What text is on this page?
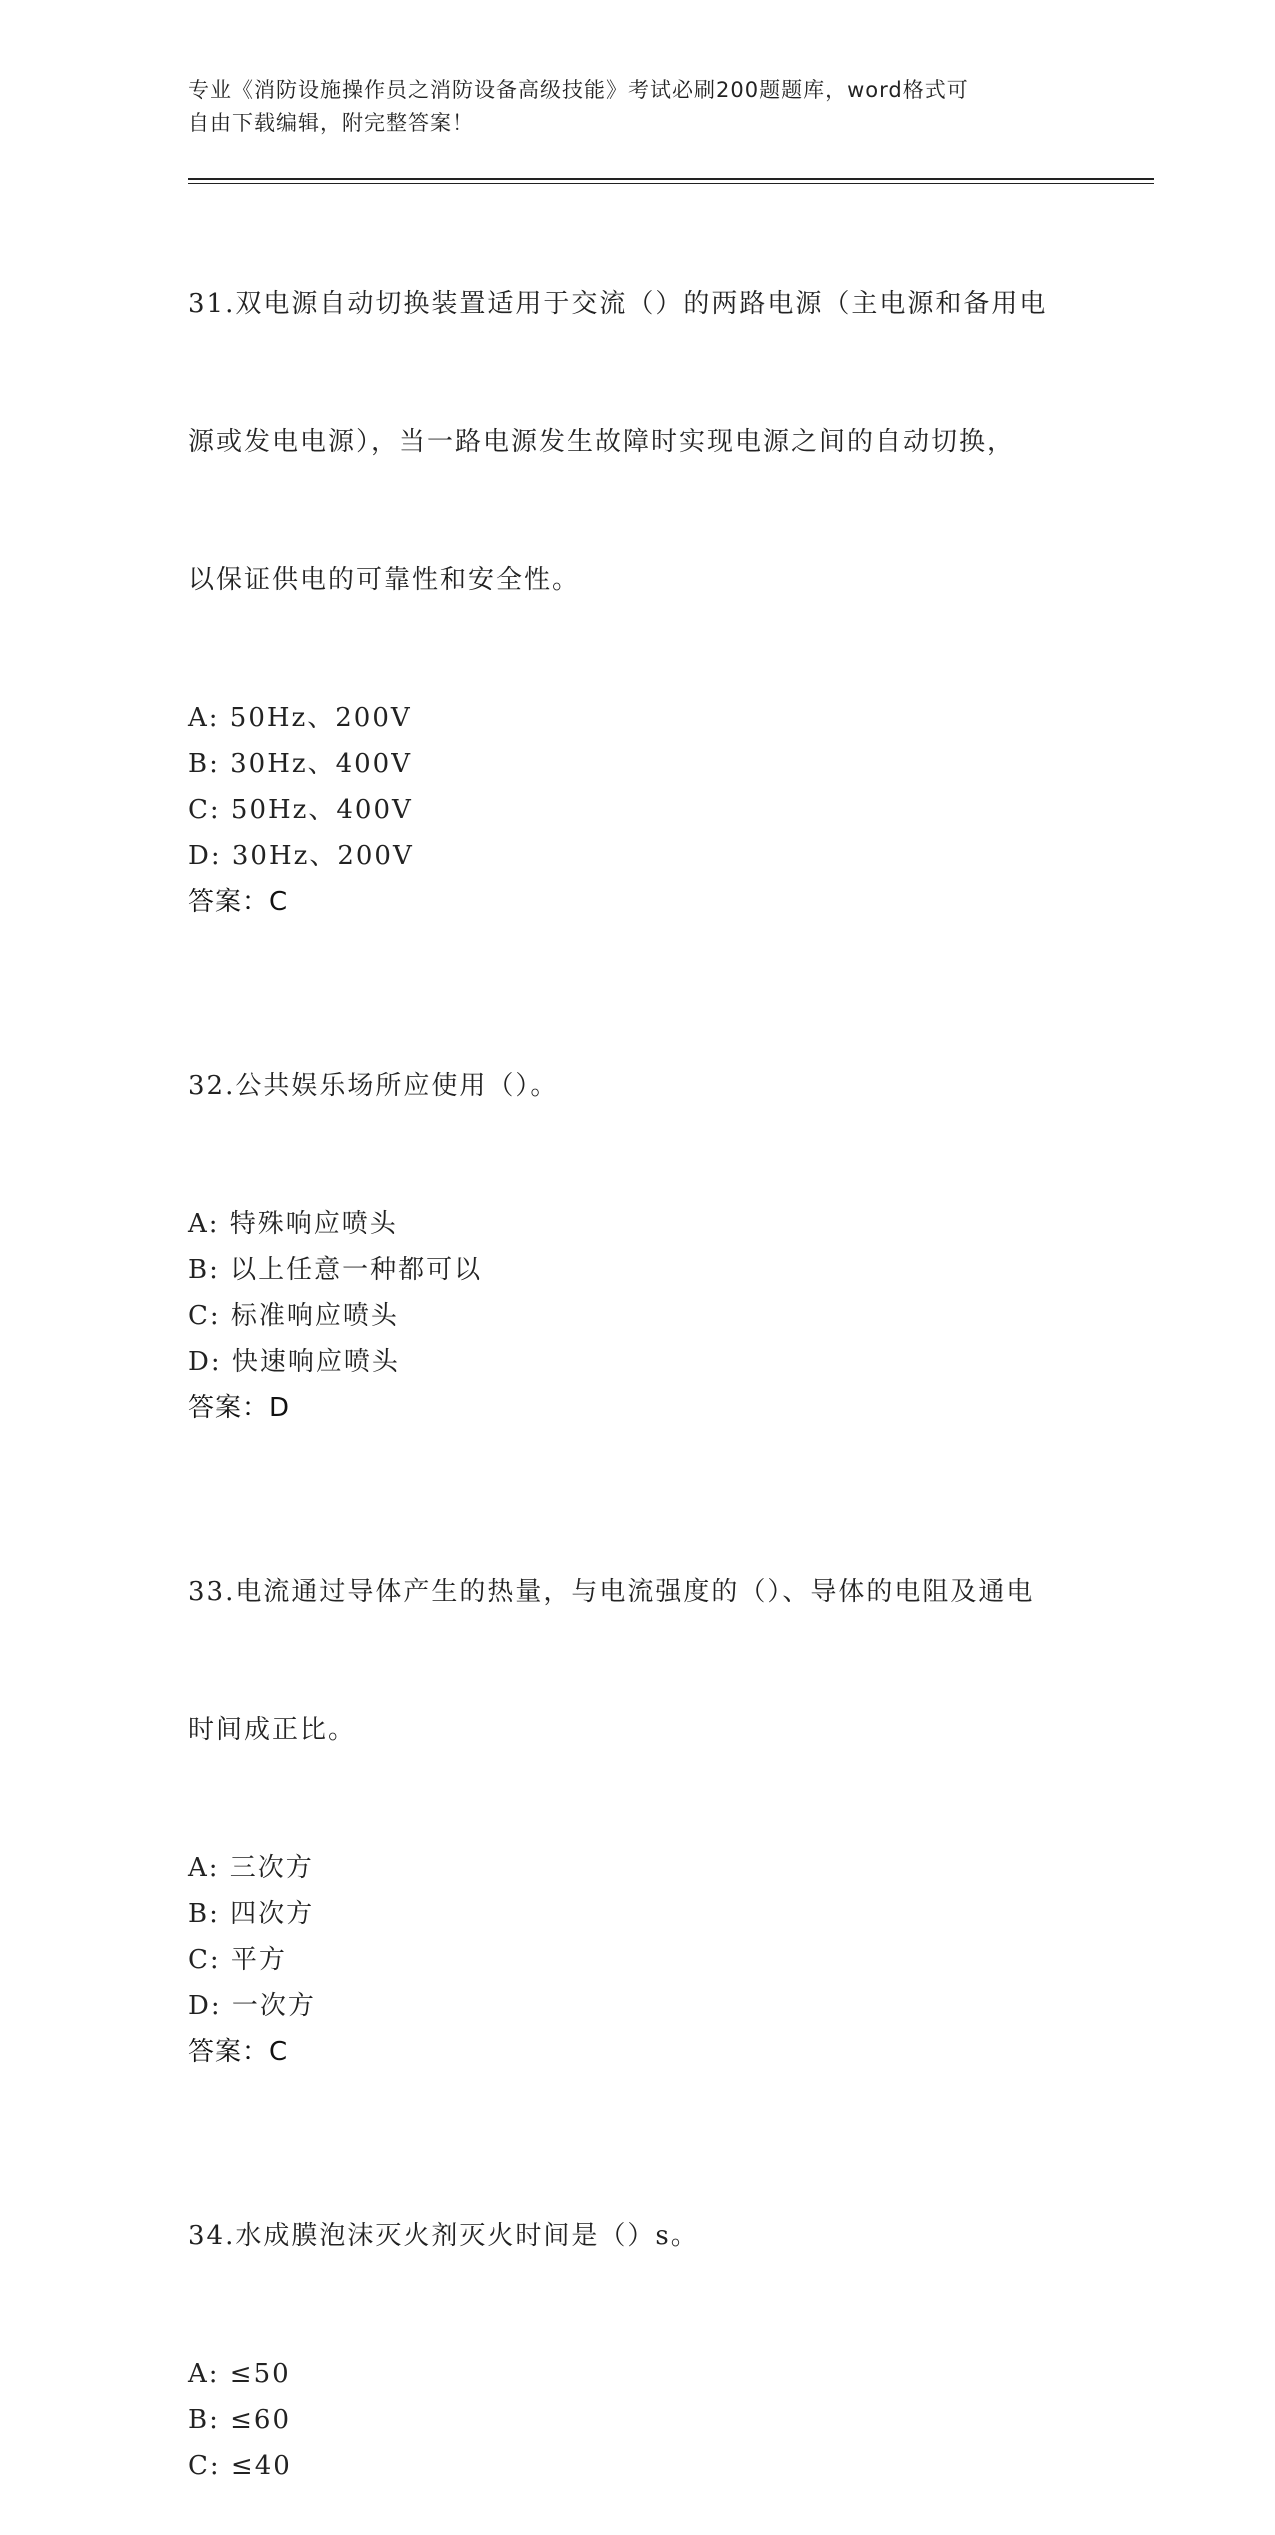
专业《消防设施操作员之消防设备高级技能》考试必刷200题题库，word格式可
自由下载编辑，附完整答案！

31.双电源自动切换装置适用于交流（）的两路电源（主电源和备用电

源或发电电源），当一路电源发生故障时实现电源之间的自动切换，

以保证供电的可靠性和安全性。

A: 50Hz、200V
B: 30Hz、400V
C: 50Hz、400V
D: 30Hz、200V
答案：C

32.公共娱乐场所应使用（）。

A: 特殊响应喷头
B: 以上任意一种都可以
C: 标准响应喷头
D: 快速响应喷头
答案：D

33.电流通过导体产生的热量，与电流强度的（）、导体的电阻及通电

时间成正比。

A: 三次方
B: 四次方
C: 平方
D: 一次方
答案：C

34.水成膜泡沫灭火剂灭火时间是（）s。

A: ≤50
B: ≤60
C: ≤40
